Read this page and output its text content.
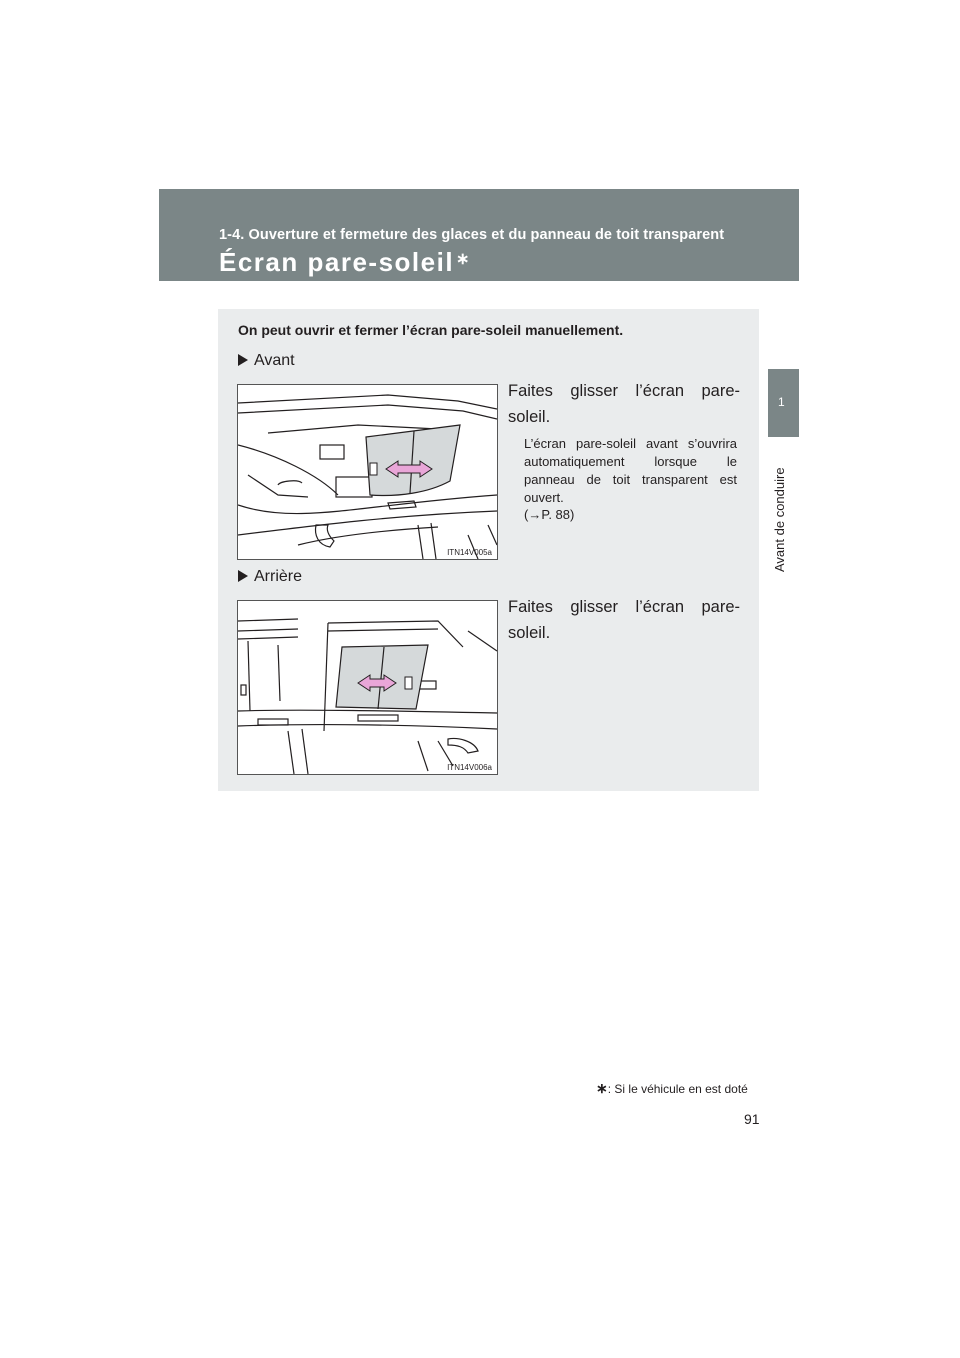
1-4. Ouverture et fermeture des glaces et du panneau de toit transparent
Écran pare-soleil ∗
1
Avant de conduire
On peut ouvrir et fermer l’écran pare-soleil manuellement.
Avant
ITN14V005a
Faites glisser l’écran pare-soleil.
L’écran pare-soleil avant s’ouvrira automatiquement lorsque le panneau de toit transparent est ouvert.
(→P. 88)
Arrière
ITN14V006a
Faites glisser l’écran pare-soleil.
∗: Si le véhicule en est doté
91
